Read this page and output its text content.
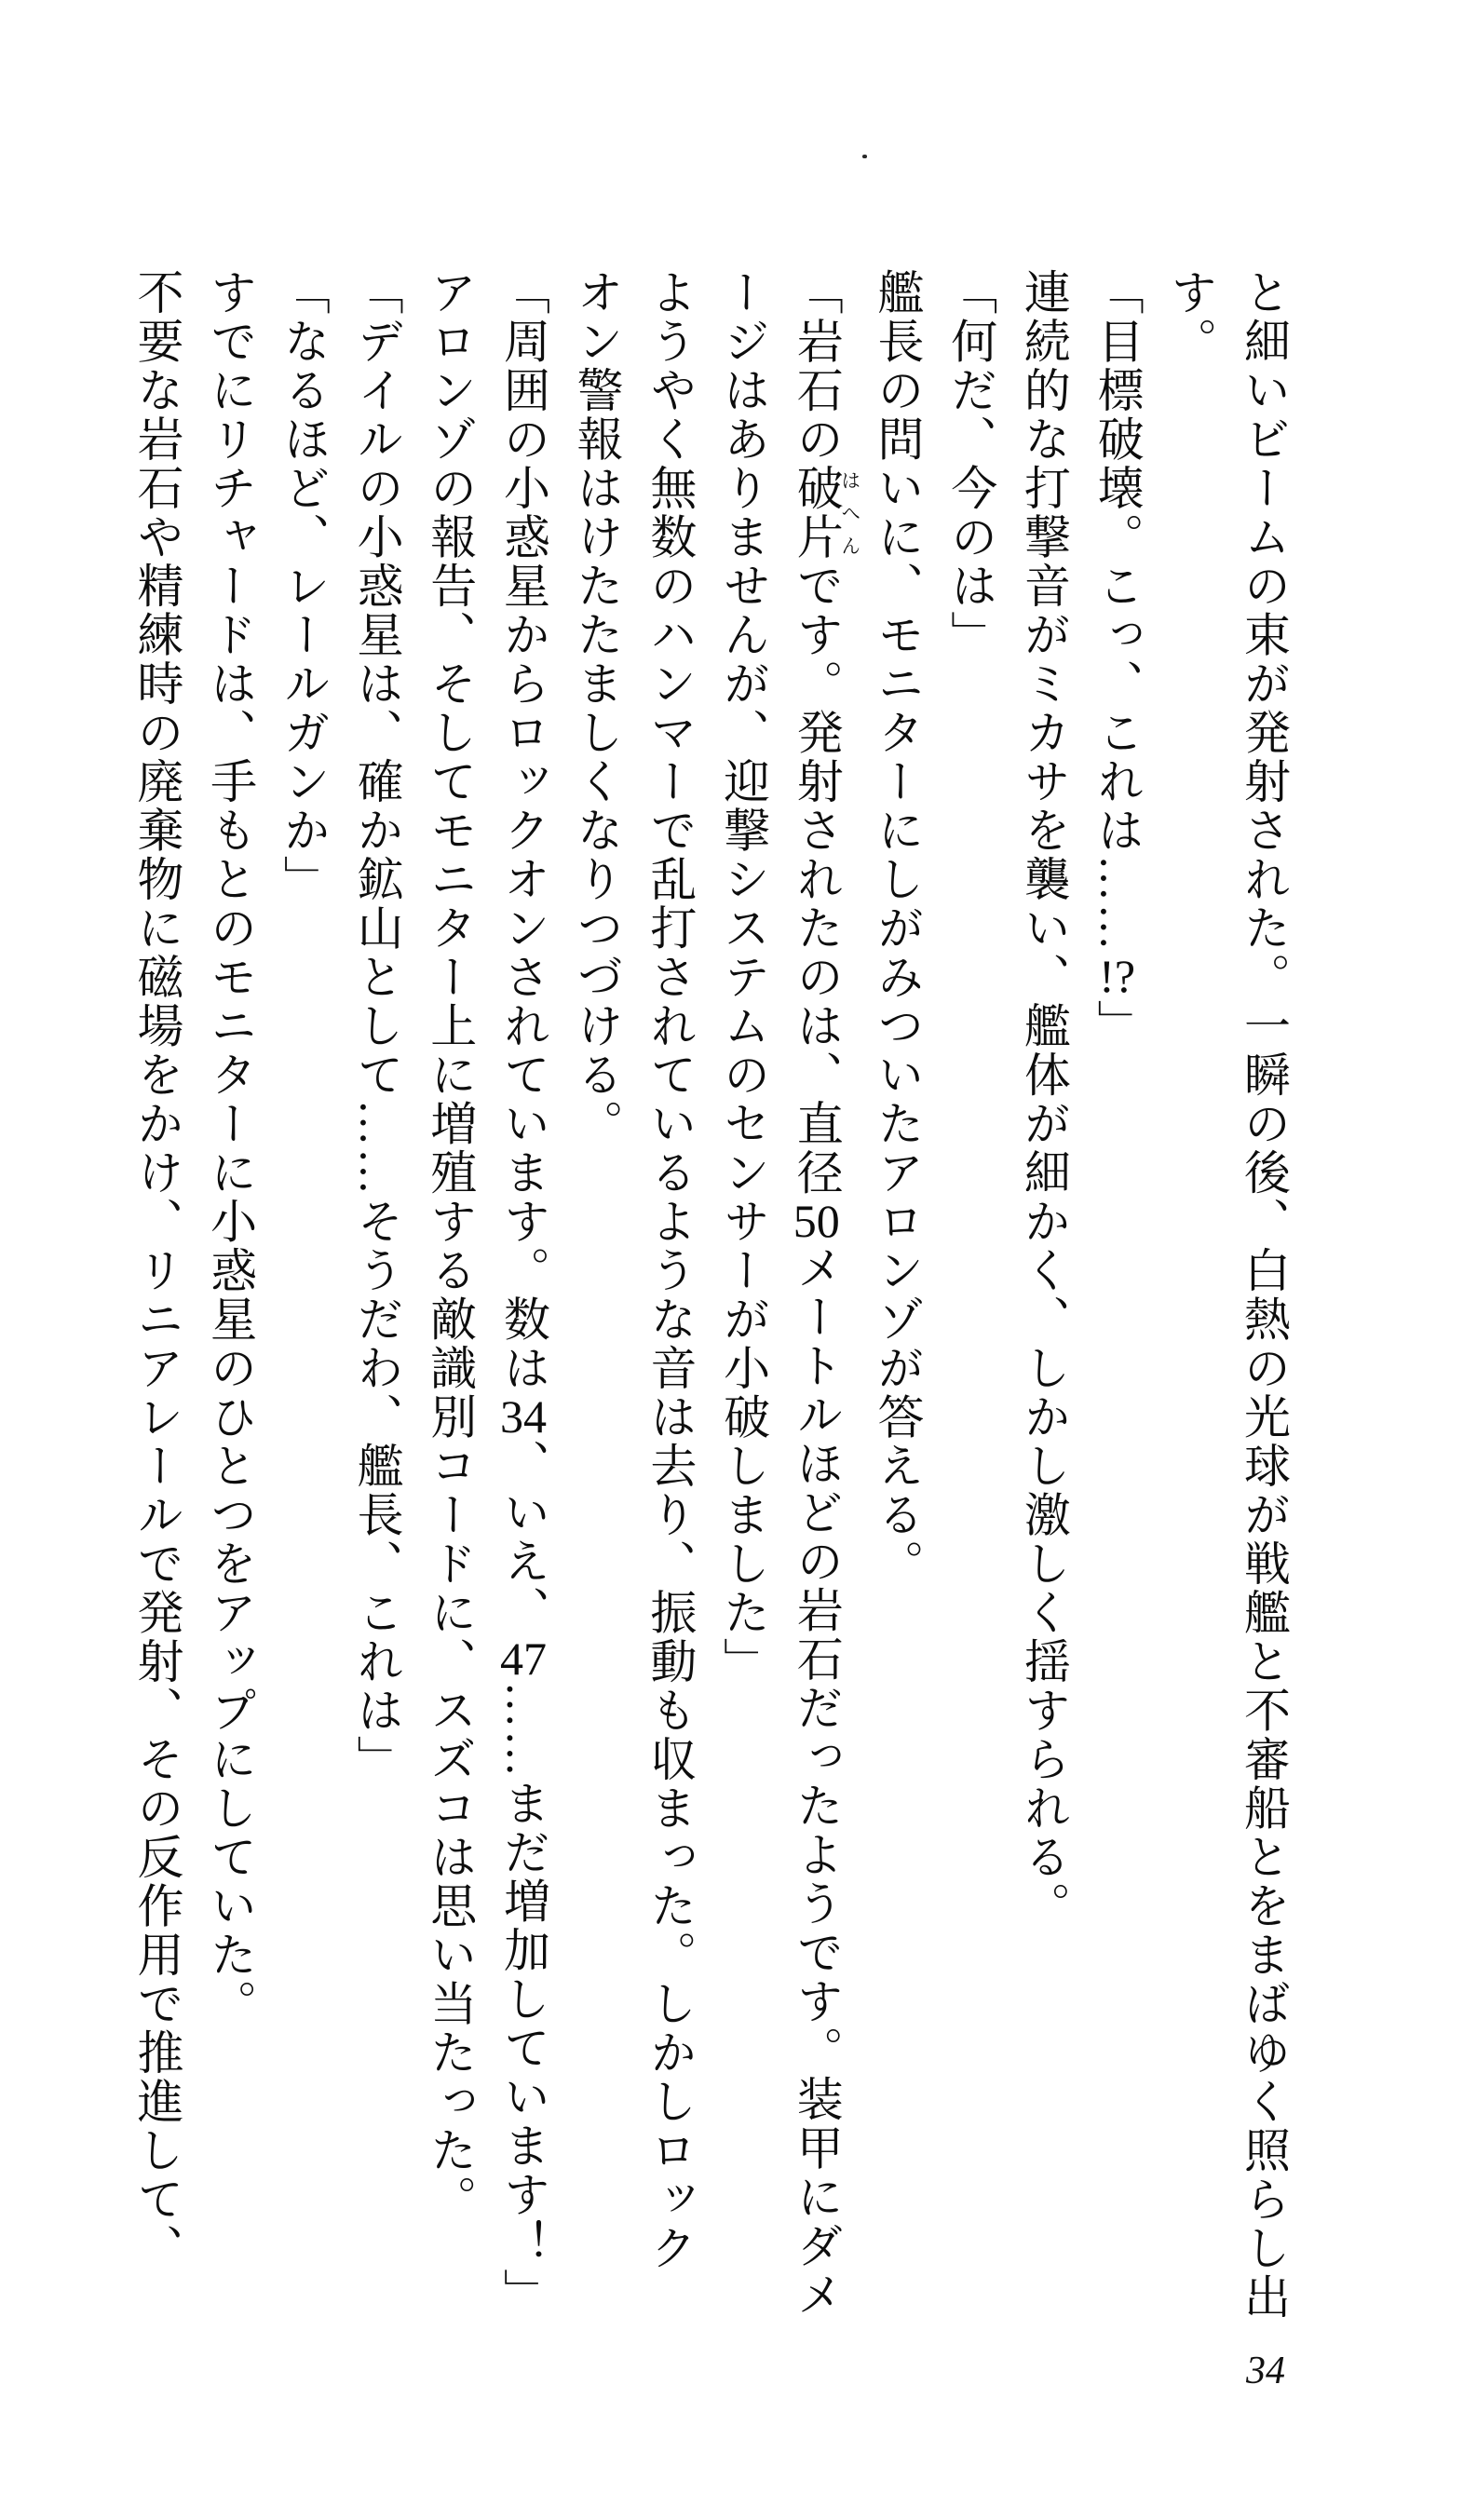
と細いビームの束が発射された。一瞬の後、白熱の光球が戦艦と不審船とをまばゆく照らし出

す。

「目標破壊。こっ、これは……!?」

連続的な打撃音がミカサを襲い、艦体が細かく、しかし激しく揺すられる。

「何だ、今のは」

艦長の問いに、モニターにしがみついたアロンゾが答える。

「岩石の破片はへんです。発射されたのは、直径50メートルほどの岩石だったようです。装甲にダメ

ージはありませんが、迎撃システムのセンサーが小破しました」

ようやく無数のハンマーで乱打されているような音は去り、振動も収まった。しかしロック

オン警報はけたたましくなりつづける。

「周囲の小惑星からロックオンされています。数は34、いえ、47……まだ増加しています！」

アロンゾの報告、そしてモニター上に増殖する敵識別コードに、スズコは思い当たった。

「デイルの小惑星は、確か鉱山として……そうだわ、艦長、これは」

「なるほど、レールガンか」

すでにリチャードは、手もとのモニターに小惑星のひとつをアップにしていた。

不要な岩石や精練時の廃棄物に磁場をかけ、リニアレールで発射、その反作用で推進して、

34
